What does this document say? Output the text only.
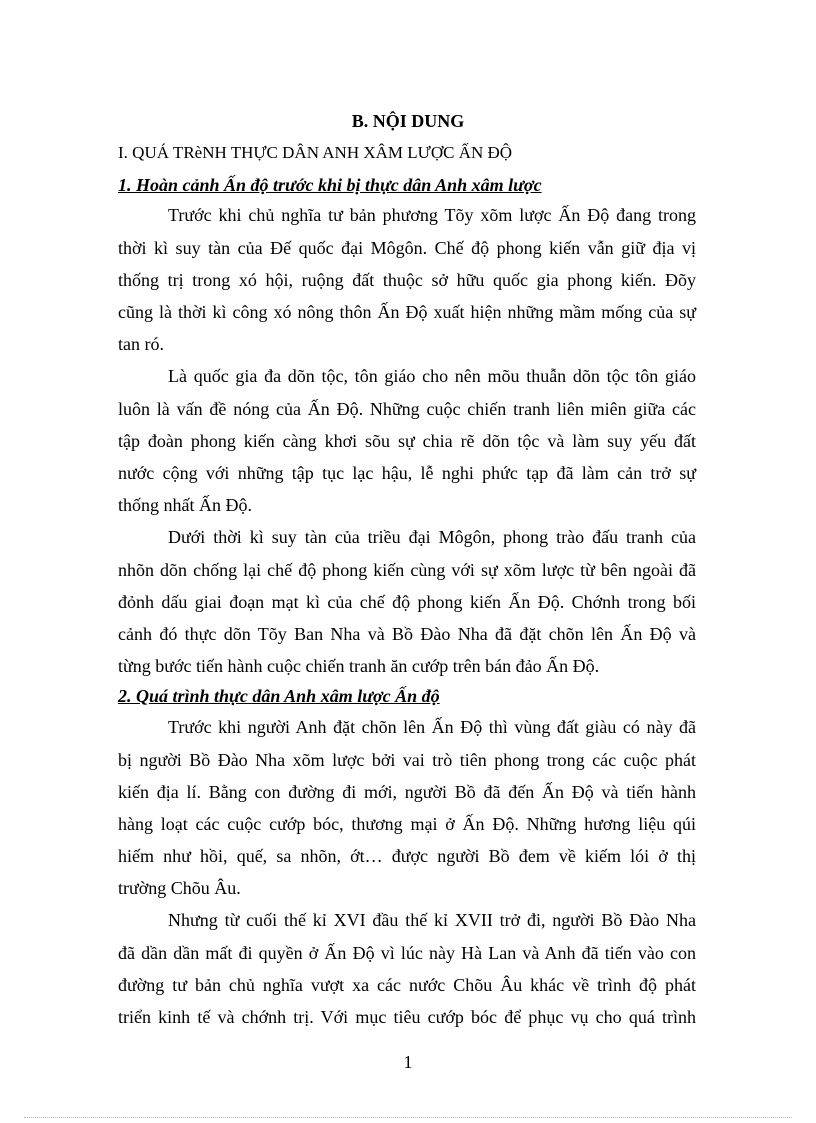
B. NỘI DUNG

I. QUÁ TRèNH THỰC DÂN ANH XÂM LƯỢC ẤN ĐỘ

1. Hoàn cảnh Ấn độ trước khi bị thực dân Anh xâm lược

Trước khi chủ nghĩa tư bản phương Tõy xõm lược Ấn Độ đang trong

thời kì suy tàn của Đế quốc đại Môgôn. Chế độ phong kiến vẫn giữ địa vị

thống trị trong xó hội, ruộng đất thuộc sở hữu quốc gia phong kiến. Đõy

cũng là thời kì công xó nông thôn Ấn Độ xuất hiện những mầm mống của sự

tan ró.

Là quốc gia đa dõn tộc, tôn giáo cho nên mõu thuẫn dõn tộc tôn giáo

luôn là vấn đề nóng của Ấn Độ. Những cuộc chiến tranh liên miên giữa các

tập đoàn phong kiến càng khơi sõu sự chia rẽ dõn tộc và làm suy yếu đất

nước cộng với những tập tục lạc hậu, lễ nghi phức tạp đã làm cản trở sự

thống nhất Ấn Độ.

Dưới thời kì suy tàn của triều đại Môgôn, phong trào đấu tranh của

nhõn dõn chống lại chế độ phong kiến cùng với sự xõm lược từ bên ngoài đã

đỏnh dấu giai đoạn mạt kì của chế độ phong kiến Ấn Độ. Chớnh trong bối

cảnh đó thực dõn Tõy Ban Nha và Bồ Đào Nha đã đặt chõn lên Ấn Độ và

từng bước tiến hành cuộc chiến tranh ăn cướp trên bán đảo Ấn Độ.

2. Quá trình thực dân Anh xâm lược Ấn độ

Trước khi người Anh đặt chõn lên Ấn Độ thì vùng đất giàu có này đã

bị người Bồ Đào Nha xõm lược bởi vai trò tiên phong trong các cuộc phát

kiến địa lí. Bằng con đường đi mới, người Bồ đã đến Ấn Độ và tiến hành

hàng loạt các cuộc cướp bóc, thương mại ở Ấn Độ. Những hương liệu qúi

hiếm như hồi, quế, sa nhõn, ớt… được người Bồ đem về kiếm lói ở thị

trường Chõu Âu.

Nhưng từ cuối thế kỉ XVI đầu thế kỉ XVII trở đi, người Bồ Đào Nha

đã dần dần mất đi quyền ở Ấn Độ vì lúc này Hà Lan và Anh đã tiến vào con

đường tư bản chủ nghĩa vượt xa các nước Chõu Âu khác về trình độ phát

triển kinh tế và chớnh trị. Với mục tiêu cướp bóc để phục vụ cho quá trình

1
